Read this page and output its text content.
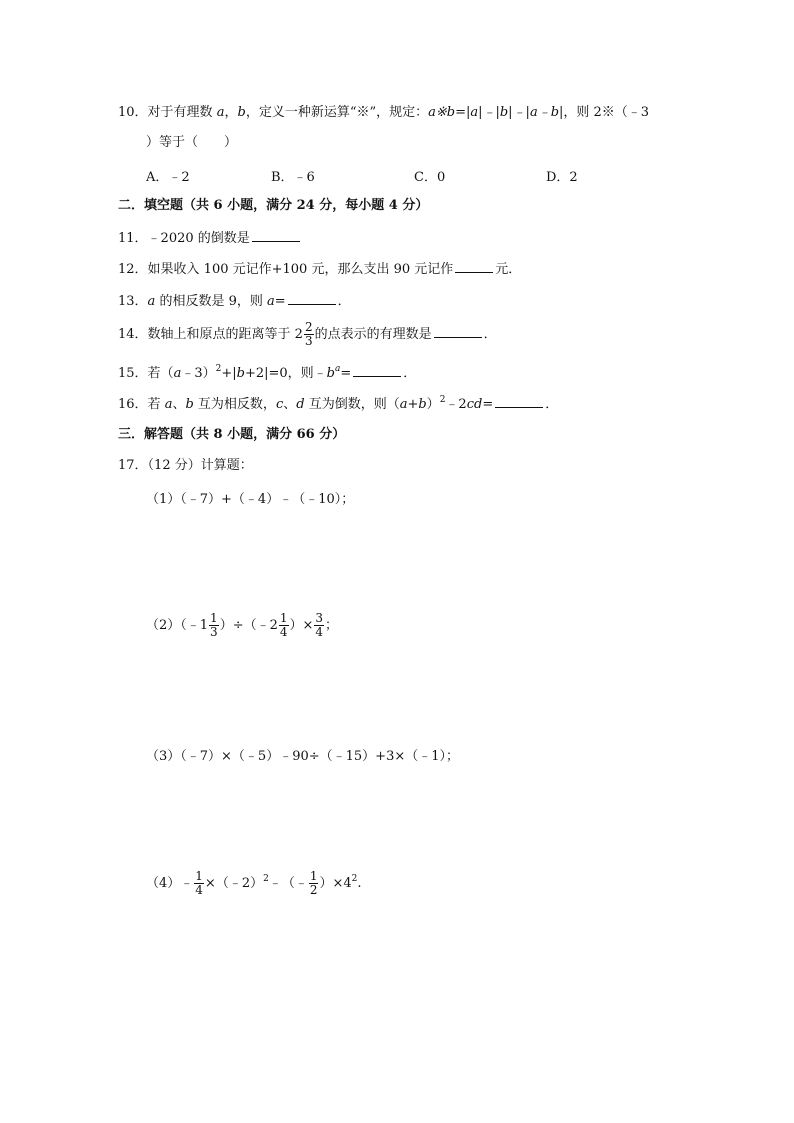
10．对于有理数 a，b，定义一种新运算“※”，规定：a※b=|a|﹣|b|﹣|a﹣b|，则 2※（﹣3
）等于（　　）
A．﹣2	B．﹣6	C．0	D．2
二．填空题（共 6 小题，满分 24 分，每小题 4 分）
11．﹣2020 的倒数是
12．如果收入 100 元记作+100 元，那么支出 90 元记作	元．
13．a 的相反数是 9，则 a=	．
14．数轴上和原点的距离等于 $2 \frac{2}{3}$ 的点表示的有理数是	．
15．若（a﹣3）$^2$+|b+2|=0，则$﹣b^a=$	．
16．若 a、b 互为相反数，c、d 互为倒数，则$(a+b)^2﹣2cd=$	．
三．解答题（共 8 小题，满分 66 分）
17．（12 分）计算题：
（1）（﹣7）+（﹣4）﹣（﹣10）；
（2）（﹣1 $\frac{1}{3}$ ）÷（﹣2 $\frac{1}{4}$ ）× $\frac{3}{4}$ ；
（3）（﹣7）×（﹣5）﹣90÷（﹣15）+3×（﹣1）；
（4）﹣ $\frac{1}{4}$ ×（﹣2）$^2$﹣（﹣ $\frac{1}{2} )\times 4^2$.
